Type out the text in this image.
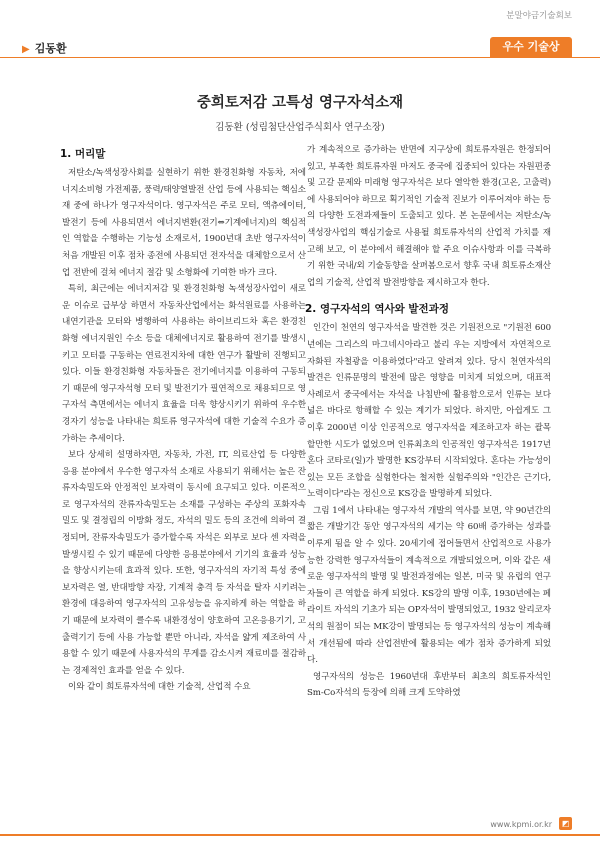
분말야금기술회보
▶ 김동환	우수 기술상
중희토저감 고특성 영구자석소재
김동환 (성림첨단산업주식회사 연구소장)
1. 머리말

저탄소/녹색성장사회를 실현하기 위한 환경친화형 자동차, 저에너지소비형 가전제품, 풍력/태양열발전 산업 등에 사용되는 핵심소재 중에 하나가 영구자석이다. 영구자석은 주로 모터, 액츄에이터, 발전기 등에 사용되면서 에너지변환(전기⇔기계에너지)의 핵심적인 역할을 수행하는 기능성 소재로서, 1900년대 초반 영구자석이 처음 개발된 이후 점차 종전에 사용되던 전자석을 대체함으로서 산업 전반에 걸쳐 에너지 절감 및 소형화에 기여한 바가 크다.

특히, 최근에는 에너지저감 및 환경친화형 녹색성장사업이 새로운 이슈로 급부상 하면서 자동차산업에서는 화석원료를 사용하는 내연기관을 모터와 병행하여 사용하는 하이브리드차 혹은 환경친화형 에너지원인 수소 등을 대체에너지로 활용하여 전기를 발생시키고 모터를 구동하는 연료전지차에 대한 연구가 활발히 진행되고 있다. 이들 환경친화형 자동차들은 전기에너지를 이용하여 구동되기 때문에 영구자석형 모터 및 발전기가 필연적으로 채용되므로 영구자석 측면에서는 에너지 효율을 더욱 향상시키기 위하여 우수한 경자기 성능을 나타내는 희토류 영구자석에 대한 기술적 수요가 증가하는 추세이다.

보다 상세히 설명하자면, 자동차, 가전, IT, 의료산업 등 다양한 응용 분야에서 우수한 영구자석 소재로 사용되기 위해서는 높은 잔류자속밀도와 안정적인 보자력이 동시에 요구되고 있다. 이론적으로 영구자석의 잔류자속밀도는 소재를 구성하는 주상의 포화자속밀도 및 결정립의 이방화 정도, 자석의 밀도 등의 조건에 의하여 결정되며, 잔류자속밀도가 증가할수록 자석은 외부로 보다 센 자력을 발생시킬 수 있기 때문에 다양한 응용분야에서 기기의 효율과 성능을 향상시키는데 효과적 있다. 또한, 영구자석의 자기적 특성 중에 보자력은 열, 반대방향 자장, 기계적 충격 등 자석을 탈자 시키려는 환경에 대응하여 영구자석의 고유성능을 유지하게 하는 역할을 하기 때문에 보자력이 클수록 내환경성이 양호하여 고온응용기기, 고출력기기 등에 사용 가능할 뿐만 아니라, 자석을 얇게 제조하여 사용할 수 있기 때문에 사용자석의 무게를 감소시켜 재료비를 절감하는 경제적인 효과를 얻을 수 있다.

이와 같이 희토류자석에 대한 기술적, 산업적 수요

가 계속적으로 증가하는 반면에 지구상에 희토류자원은 한정되어 있고, 부족한 희토류자원 마저도 중국에 집중되어 있다는 자원편중 및 고갈 문제와 미래형 영구자석은 보다 열악한 환경(고온, 고출력)에 사용되어야 하므로 획기적인 기술적 진보가 이루어져야 하는 등의 다양한 도전과제들이 도출되고 있다. 본 논문에서는 저탄소/녹색성장사업의 핵심기술로 사용될 희토류자석의 산업적 가치를 재고해 보고, 이 분야에서 해결해야 할 주요 이슈사항과 이를 극복하기 위한 국내/외 기술동향을 살펴봄으로서 향후 국내 희토류소재산업의 기술적, 산업적 발전방향을 제시하고자 한다.

2. 영구자석의 역사와 발전과정

인간이 천연의 영구자석을 발견한 것은 기원전으로 "기원전 600년에는 그리스의 마그네시아라고 불리 우는 지방에서 자연적으로 자화된 자철광을 이용하였다"라고 알려져 있다. 당시 천연자석의 발견은 인류문명의 발전에 많은 영향을 미치게 되었으며, 대표적 사례로서 중국에서는 자석을 나침반에 활용함으로서 인류는 보다 넓은 바다로 항해할 수 있는 계기가 되었다. 하지만, 아쉽게도 그 이후 2000년 이상 인공적으로 영구자석을 제조하고자 하는 괄목할만한 시도가 없었으며 인류최초의 인공적인 영구자석은 1917년 혼다 코타로(일)가 발명한 KS강부터 시작되었다. 혼다는 가능성이 있는 모든 조합을 실험한다는 철저한 실험주의와 "인간은 근기다, 노력이다"라는 정신으로 KS강을 발명하게 되었다.

그림 1에서 나타내는 영구자석 개발의 역사를 보면, 약 90년간의 짧은 개발기간 동안 영구자석의 세기는 약 60배 증가하는 성과를 이루게 됨을 알 수 있다. 20세기에 접어들면서 산업적으로 사용가능한 강력한 영구자석들이 계속적으로 개발되었으며, 이와 같은 새로운 영구자석의 발명 및 발전과정에는 일본, 미국 및 유럽의 연구자들이 큰 역할을 하게 되었다. KS강의 발명 이후, 1930년에는 페라이트 자석의 기초가 되는 OP자석이 발명되었고, 1932 알리코자석의 원점이 되는 MK강이 발명되는 등 영구자석의 성능이 계속해서 개선됨에 따라 산업전반에 활용되는 예가 점차 증가하게 되었다.

영구자석의 성능은 1960년대 후반부터 최초의 희토류자석인 Sm-Co자석의 등장에 의해 크게 도약하였

www.kpmi.or.kr	◩
